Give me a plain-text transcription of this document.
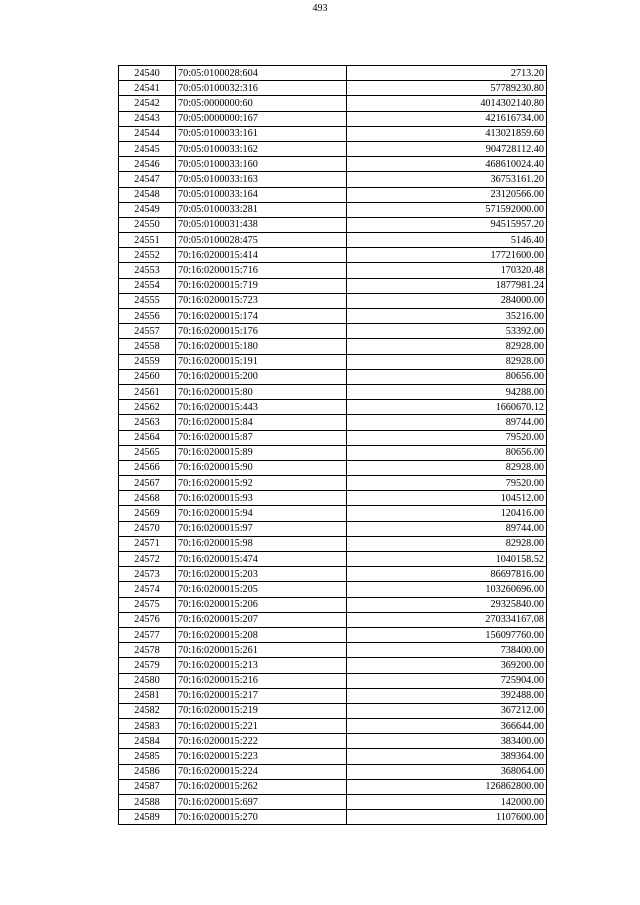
493
24540	70:05:0100028:604	2713.20
24541	70:05:0100032:316	57789230.80
24542	70:05:0000000:60	4014302140.80
24543	70:05:0000000:167	421616734.00
24544	70:05:0100033:161	413021859.60
24545	70:05:0100033:162	904728112.40
24546	70:05:0100033:160	468610024.40
24547	70:05:0100033:163	36753161.20
24548	70:05:0100033:164	23120566.00
24549	70:05:0100033:281	571592000.00
24550	70:05:0100031:438	94515957.20
24551	70:05:0100028:475	5146.40
24552	70:16:0200015:414	17721600.00
24553	70:16:0200015:716	170320.48
24554	70:16:0200015:719	1877981.24
24555	70:16:0200015:723	284000.00
24556	70:16:0200015:174	35216.00
24557	70:16:0200015:176	53392.00
24558	70:16:0200015:180	82928.00
24559	70:16:0200015:191	82928.00
24560	70:16:0200015:200	80656.00
24561	70:16:0200015:80	94288.00
24562	70:16:0200015:443	1660670.12
24563	70:16:0200015:84	89744.00
24564	70:16:0200015:87	79520.00
24565	70:16:0200015:89	80656.00
24566	70:16:0200015:90	82928.00
24567	70:16:0200015:92	79520.00
24568	70:16:0200015:93	104512.00
24569	70:16:0200015:94	120416.00
24570	70:16:0200015:97	89744.00
24571	70:16:0200015:98	82928.00
24572	70:16:0200015:474	1040158.52
24573	70:16:0200015:203	86697816.00
24574	70:16:0200015:205	103260696.00
24575	70:16:0200015:206	29325840.00
24576	70:16:0200015:207	270334167.08
24577	70:16:0200015:208	156097760.00
24578	70:16:0200015:261	738400.00
24579	70:16:0200015:213	369200.00
24580	70:16:0200015:216	725904.00
24581	70:16:0200015:217	392488.00
24582	70:16:0200015:219	367212.00
24583	70:16:0200015:221	366644.00
24584	70:16:0200015:222	383400.00
24585	70:16:0200015:223	389364.00
24586	70:16:0200015:224	368064.00
24587	70:16:0200015:262	126862800.00
24588	70:16:0200015:697	142000.00
24589	70:16:0200015:270	1107600.00
